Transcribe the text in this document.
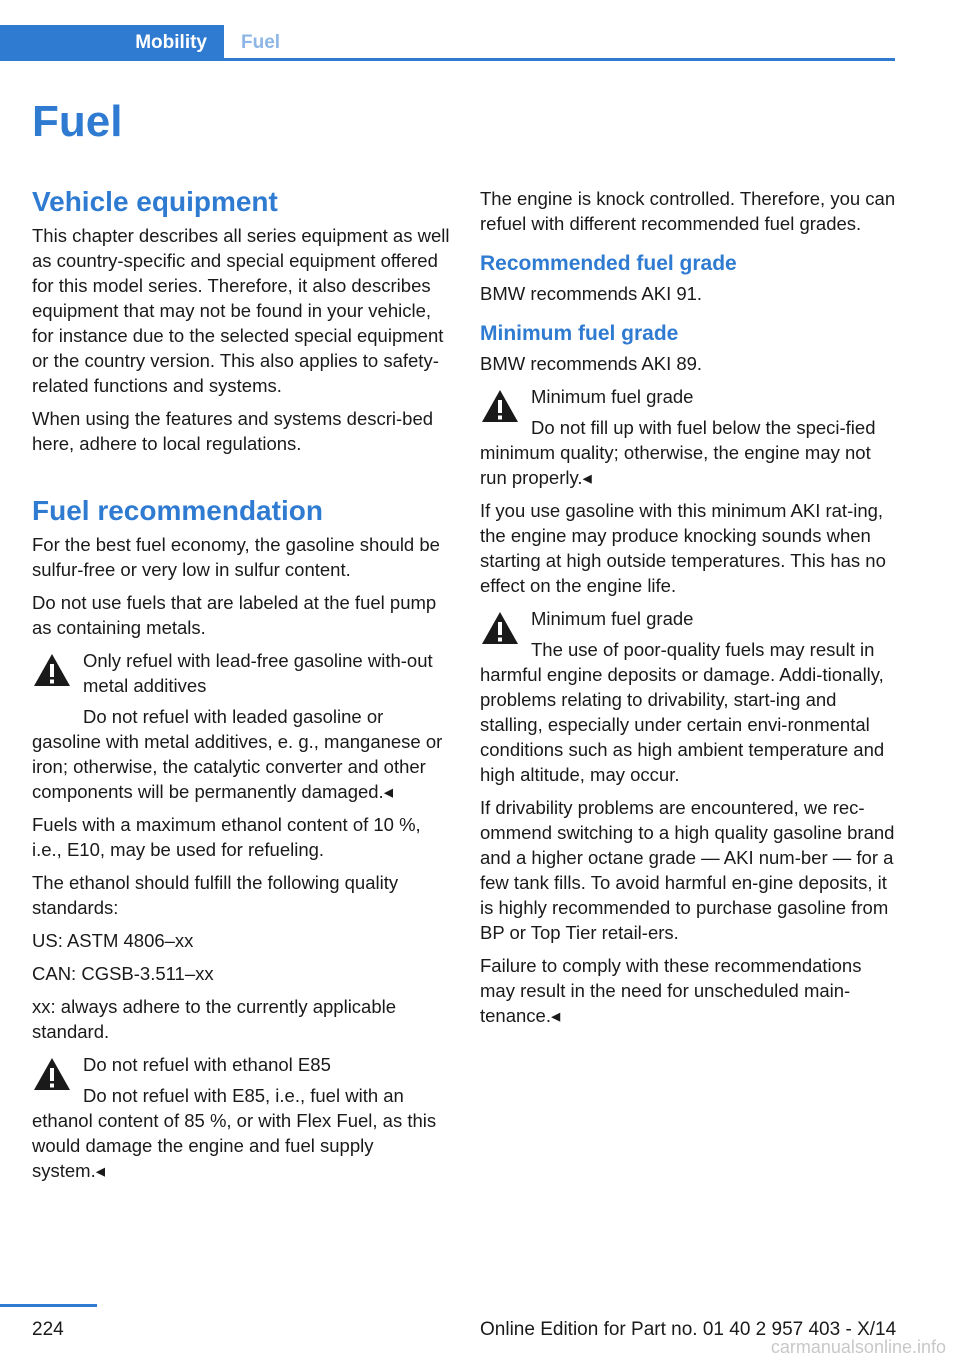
Mobility	Fuel
Fuel
Vehicle equipment

This chapter describes all series equipment as well as country-specific and special equipment offered for this model series. Therefore, it also describes equipment that may not be found in your vehicle, for instance due to the selected special equipment or the country version. This also applies to safety-related functions and systems.

When using the features and systems descri‐bed here, adhere to local regulations.

Fuel recommendation

For the best fuel economy, the gasoline should be sulfur-free or very low in sulfur content.

Do not use fuels that are labeled at the fuel pump as containing metals.

Only refuel with lead-free gasoline with‐out metal additives
Do not refuel with leaded gasoline or gasoline with metal additives, e. g., manganese or iron; otherwise, the catalytic converter and other components will be permanently damaged.◂

Fuels with a maximum ethanol content of 10 %, i.e., E10, may be used for refueling.

The ethanol should fulfill the following quality standards:

US: ASTM 4806–xx

CAN: CGSB-3.511–xx

xx: always adhere to the currently applicable standard.

Do not refuel with ethanol E85
Do not refuel with E85, i.e., fuel with an ethanol content of 85 %, or with Flex Fuel, as this would damage the engine and fuel supply system.◂

The engine is knock controlled. Therefore, you can refuel with different recommended fuel grades.

Recommended fuel grade

BMW recommends AKI 91.

Minimum fuel grade

BMW recommends AKI 89.

Minimum fuel grade
Do not fill up with fuel below the speci‐fied minimum quality; otherwise, the engine may not run properly.◂

If you use gasoline with this minimum AKI rat‐ing, the engine may produce knocking sounds when starting at high outside temperatures. This has no effect on the engine life.

Minimum fuel grade
The use of poor-quality fuels may result in harmful engine deposits or damage. Addi‐tionally, problems relating to drivability, start‐ing and stalling, especially under certain envi‐ronmental conditions such as high ambient temperature and high altitude, may occur.

If drivability problems are encountered, we rec‐ommend switching to a high quality gasoline brand and a higher octane grade — AKI num‐ber — for a few tank fills. To avoid harmful en‐gine deposits, it is highly recommended to purchase gasoline from BP or Top Tier retail‐ers.

Failure to comply with these recommendations may result in the need for unscheduled main‐tenance.◂

224	Online Edition for Part no. 01 40 2 957 403 - X/14
carmanualsonline.info
